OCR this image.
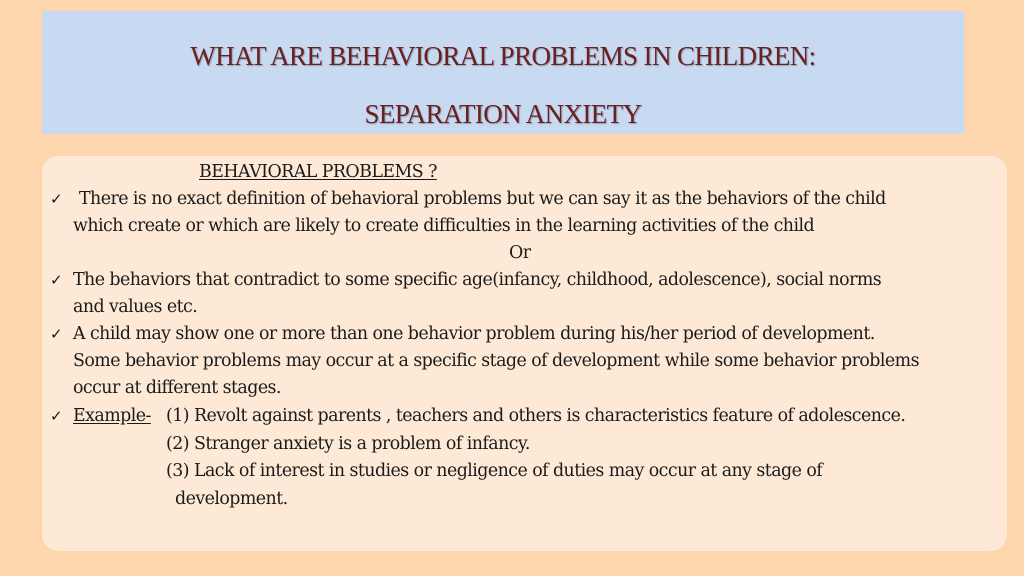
WHAT ARE BEHAVIORAL PROBLEMS IN CHILDREN:
SEPARATION ANXIETY
BEHAVIORAL PROBLEMS ?
✓ There is no exact definition of behavioral problems but we can say it as the behaviors of the child
which create or which are likely to create difficulties in the learning activities of the child
Or
✓ The behaviors that contradict to some specific age(infancy, childhood, adolescence), social norms
and values etc.
✓ A child may show one or more than one behavior problem during his/her period of development.
Some behavior problems may occur at a specific stage of development while some behavior problems
occur at different stages.
✓ Example- (1) Revolt against parents , teachers and others is characteristics feature of adolescence.
(2) Stranger anxiety is a problem of infancy.
(3) Lack of interest in studies or negligence of duties may occur at any stage of
development.
